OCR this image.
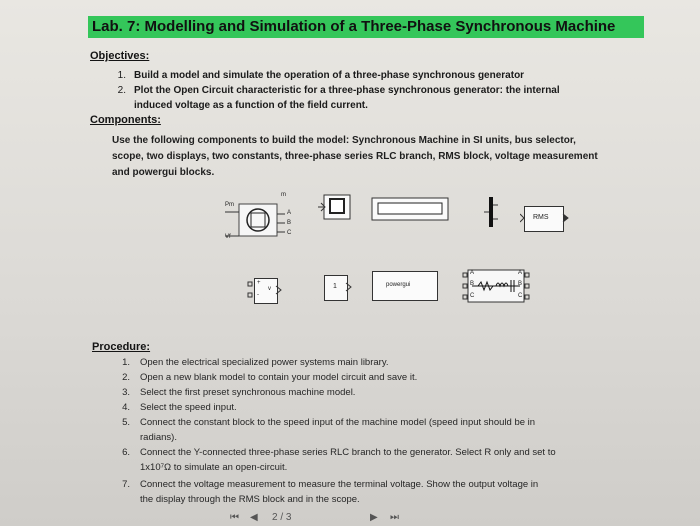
Lab. 7: Modelling and Simulation of a Three-Phase Synchronous Machine
Objectives:
1. Build a model and simulate the operation of a three-phase synchronous generator
2. Plot the Open Circuit characteristic for a three-phase synchronous generator: the internal
induced voltage as a function of the field current.
Components:
Use the following components to build the model: Synchronous Machine in SI units, bus selector,
scope, two displays, two constants, three-phase series RLC branch, RMS block, voltage measurement
and powergui blocks.
Pm
Vf
m
A
B
C
RMS
+
-
v	1	powergui
A
B
C
A
B
C
Procedure:
1. Open the electrical specialized power systems main library.
2. Open a new blank model to contain your model circuit and save it.
3. Select the first preset synchronous machine model.
4. Select the speed input.
5. Connect the constant block to the speed input of the machine model (speed input should be in
radians).
6. Connect the Y-connected three-phase series RLC branch to the generator. Select R only and set to
1x10⁷Ω to simulate an open-circuit.
7. Connect the voltage measurement to measure the terminal voltage. Show the output voltage in
the display through the RMS block and in the scope.
⏮ ◀ 2 / 3	▶ ⏭
